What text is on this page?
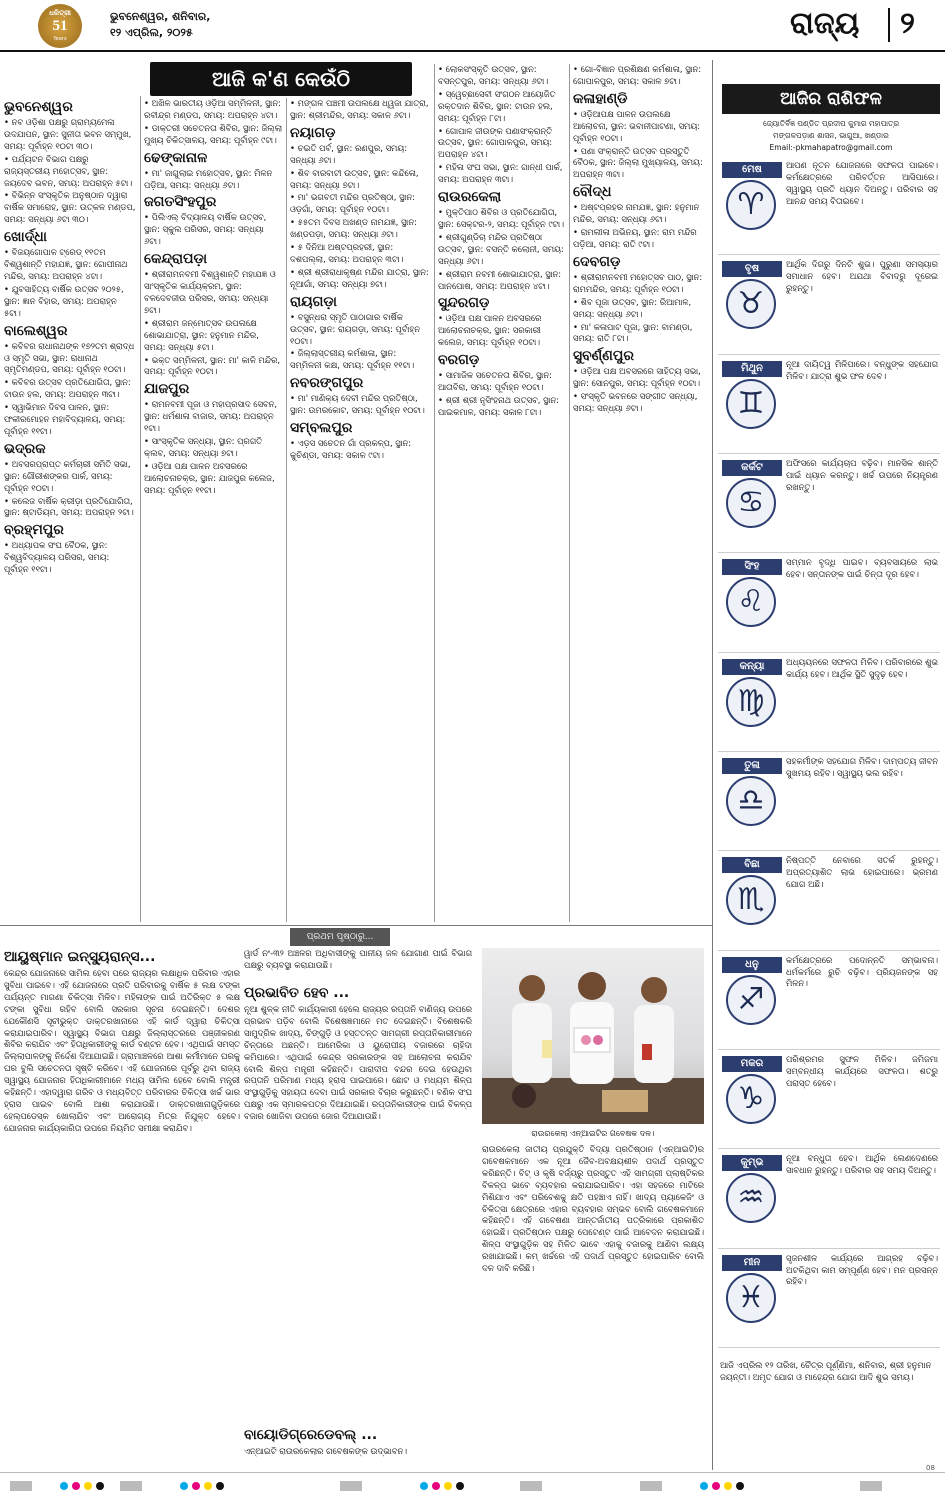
ଧରିତ୍ରୀ
51
Years
ଭୁବନେଶ୍ୱର, ଶନିବାର,
୧୨ ଏପ୍ରିଲ, ୨୦୨୫	ରାଜ୍ୟ ୨
ଆଜି କ'ଣ କେଉଁଠି
ଭୁବନେଶ୍ୱର

• ନବ ଓଡ଼ିଶା ପକ୍ଷରୁ ଗ୍ରାମ୍ୟମେଳା ଉଦଯାପନ, ସ୍ଥାନ: ସୁନୀତା ଭବନ ସମ୍ମୁଖ, ସମୟ: ପୂର୍ବାହ୍ନ ୧୦ଟା ୩୦।

• ପର୍ଯ୍ୟଟନ ବିଭାଗ ପକ୍ଷରୁ ରାଜ୍ୟସ୍ତରୀୟ ମହୋତ୍ସବ, ସ୍ଥାନ: ଜୟଦେବ ଭବନ, ସମୟ: ଅପରାହ୍ନ ୫ଟା।

• ବିଭିନ୍ନ ସଂସ୍କୃତିକ ଅନୁଷ୍ଠାନ ଦ୍ୱାରା ବାର୍ଷିକ ସମାରୋହ, ସ୍ଥାନ: ଉତ୍କଳ ମଣ୍ଡପ, ସମୟ: ସନ୍ଧ୍ୟା ୬ଟା ୩୦।

ଖୋର୍ଦ୍ଧା

• ବିଜୟଗୋପାଳ ଟ୍ରେଡ୍ ୧୧ତମ ବିଶ୍ୱଶାନ୍ତି ମହାଯଜ୍ଞ, ସ୍ଥାନ: ଗୋପୀନାଥ ମନ୍ଦିର, ସମୟ: ଅପରାହ୍ନ ୪ଟା।

• ଯୁବସାହିତ୍ୟ ବାର୍ଷିକ ଉତ୍ସବ ୨୦୨୫, ସ୍ଥାନ: ଜ୍ଞାନ ବିହାର, ସମୟ: ଅପରାହ୍ନ ୫ଟା।

ବାଲେଶ୍ୱର

• କବିବର ରାଧାନାଥଙ୍କ ୧୭୨ତମ ଶ୍ରାଦ୍ଧ ଓ ସ୍ମୃତି ସଭା, ସ୍ଥାନ: ରାଧାନାଥ ସ୍ମୃତିମଣ୍ଡପ, ସମୟ: ପୂର୍ବାହ୍ନ ୧୦ଟା।

• କବିବର ଉତ୍ସବ ପ୍ରତିଯୋଗିତା, ସ୍ଥାନ: ଟାଉନ ହଲ, ସମୟ: ଅପରାହ୍ନ ୩ଟା।

• ସ୍ୱାଭିମାନ ଦିବସ ପାଳନ, ସ୍ଥାନ: ଫକୀରମୋହନ ମହାବିଦ୍ୟାଳୟ, ସମୟ: ପୂର୍ବାହ୍ନ ୧୧ଟା।

ଭଦ୍ରକ

• ଅବସରପ୍ରାପ୍ତ କର୍ମଚାରୀ ସମିତି ସଭା, ସ୍ଥାନ: ଗୌରୀଶଙ୍କର ପାର୍କ, ସମୟ: ପୂର୍ବାହ୍ନ ୧୦ଟା।

• କଲେଜ ବାର୍ଷିକ କ୍ରୀଡ଼ା ପ୍ରତିଯୋଗିତା, ସ୍ଥାନ: ଷ୍ଟାଡିୟମ, ସମୟ: ଅପରାହ୍ନ ୨ଟା।

ବ୍ରହ୍ମପୁର

• ଅଧ୍ୟାପକ ସଂଘ ବୈଠକ, ସ୍ଥାନ: ବିଶ୍ୱବିଦ୍ୟାଳୟ ପରିସର, ସମୟ: ପୂର୍ବାହ୍ନ ୧୧ଟା।

• ଅଖିଳ ଭାରତୀୟ ଓଡ଼ିଆ ସମ୍ମିଳନୀ, ସ୍ଥାନ: ରବୀନ୍ଦ୍ର ମଣ୍ଡପ, ସମୟ: ଅପରାହ୍ନ ୪ଟା।

• ଡାକ୍ତରୀ ସଚେତନତା ଶିବିର, ସ୍ଥାନ: ଜିଲ୍ଲା ମୁଖ୍ୟ ଚିକିତ୍ସାଳୟ, ସମୟ: ପୂର୍ବାହ୍ନ ୯ଟା।

ଢେଙ୍କାନାଳ

• ମା' ଜାଗୁଲାଇ ମହୋତ୍ସବ, ସ୍ଥାନ: ମିଳନ ପଡ଼ିଆ, ସମୟ: ସନ୍ଧ୍ୟା ୬ଟା।

ଜଗତସିଂହପୁର

• ପିଲିଏଲ୍ ବିଦ୍ୟାଳୟ ବାର୍ଷିକ ଉତ୍ସବ, ସ୍ଥାନ: ସ୍କୁଲ ପରିସର, ସମୟ: ସନ୍ଧ୍ୟା ୬ଟା।

କେନ୍ଦ୍ରାପଡ଼ା

• ଶ୍ରୀରାମନବମୀ ବିଶ୍ୱଶାନ୍ତି ମହାଯଜ୍ଞ ଓ ସାଂସ୍କୃତିକ କାର୍ଯ୍ୟକ୍ରମ, ସ୍ଥାନ: ବଳଦେବଜୀଉ ପରିସର, ସମୟ: ସନ୍ଧ୍ୟା ୭ଟା।

• ଶ୍ରୀରାମ ଜନ୍ମୋତ୍ସବ ଉପଲକ୍ଷେ ଶୋଭାଯାତ୍ରା, ସ୍ଥାନ: ହନୁମାନ ମନ୍ଦିର, ସମୟ: ସନ୍ଧ୍ୟା ୫ଟା।

• ଭକ୍ତ ସମ୍ମିଳନୀ, ସ୍ଥାନ: ମା' କାଳି ମନ୍ଦିର, ସମୟ: ପୂର୍ବାହ୍ନ ୧୦ଟା।

ଯାଜପୁର

• ରାମନବମୀ ପୂଜା ଓ ମହାପ୍ରସାଦ ସେବନ, ସ୍ଥାନ: ଧର୍ମଶାଳା ବାଜାର, ସମୟ: ଅପରାହ୍ନ ୧ଟା।

• ସାଂସ୍କୃତିକ ସନ୍ଧ୍ୟା, ସ୍ଥାନ: ପ୍ରଗତି କ୍ଲବ, ସମୟ: ସନ୍ଧ୍ୟା ୭ଟା।

• ଓଡ଼ିଆ ପକ୍ଷ ପାଳନ ଅବସରରେ ଆଲୋଚନାଚକ୍ର, ସ୍ଥାନ: ଯାଜପୁର କଲେଜ, ସମୟ: ପୂର୍ବାହ୍ନ ୧୧ଟା।

• ମଙ୍ଗଳ ପଞ୍ଚମୀ ଉପଲକ୍ଷେ ଧ୍ୱଜା ଯାତ୍ରା, ସ୍ଥାନ: ଶ୍ରୀମନ୍ଦିର, ସମୟ: ସକାଳ ୬ଟା।

ନୟାଗଡ଼

• ଚଇତି ପର୍ବ, ସ୍ଥାନ: ରଣପୁର, ସମୟ: ସନ୍ଧ୍ୟା ୬ଟା।

• ଶିବ ବାରବାଟୀ ଉତ୍ସବ, ସ୍ଥାନ: କନ୍ଦିଳୋ, ସମୟ: ସନ୍ଧ୍ୟା ୭ଟା।

• ମା' ଭଗବତୀ ମନ୍ଦିର ପ୍ରତିଷ୍ଠା, ସ୍ଥାନ: ଓଡ଼ଗାଁ, ସମୟ: ପୂର୍ବାହ୍ନ ୧୦ଟା।

• ୫୫ତମ ଦିବସ ଅଖଣ୍ଡ ନାମଯଜ୍ଞ, ସ୍ଥାନ: ଖଣ୍ଡପଡ଼ା, ସମୟ: ସନ୍ଧ୍ୟା ୬ଟା।

• ୫ ଦିନିଆ ଅଷ୍ଟପ୍ରହରୀ, ସ୍ଥାନ: ଦଶପଲ୍ଲା, ସମୟ: ଅପରାହ୍ନ ୩ଟା।

• ଶ୍ରୀ ଶ୍ରୀରାଧାକୃଷ୍ଣ ମନ୍ଦିର ଯାତ୍ରା, ସ୍ଥାନ: ନୂଆଗାଁ, ସମୟ: ସନ୍ଧ୍ୟା ୭ଟା।

ରାୟଗଡ଼ା

• ବସୁନ୍ଧରା ସ୍ମୃତି ପାଠାଗାର ବାର୍ଷିକ ଉତ୍ସବ, ସ୍ଥାନ: ରାୟଗଡ଼ା, ସମୟ: ପୂର୍ବାହ୍ନ ୧୦ଟା।

• ଜିଲ୍ଲାସ୍ତରୀୟ କର୍ମଶାଳା, ସ୍ଥାନ: ସମ୍ମିଳନୀ କକ୍ଷ, ସମୟ: ପୂର୍ବାହ୍ନ ୧୧ଟା।

ନବରଙ୍ଗପୁର

• ମା' ମାଣିକ୍ୟ ଦେବୀ ମନ୍ଦିର ପ୍ରତିଷ୍ଠା, ସ୍ଥାନ: ଉମରକୋଟ, ସମୟ: ପୂର୍ବାହ୍ନ ୧୦ଟା।

ସମ୍ବଲପୁର

• ଏଡ଼ସ ସଚେତନ ଗାଁ ପ୍ରକଳ୍ପ, ସ୍ଥାନ: କୁଚିଣ୍ଡା, ସମୟ: ସକାଳ ୯ଟା।

• ଲୋକସଂସ୍କୃତି ଉତ୍ସବ, ସ୍ଥାନ: ବସନ୍ତପୁର, ସମୟ: ସନ୍ଧ୍ୟା ୬ଟା।

• ସ୍ୱେଚ୍ଛାସେବୀ ସଂଗଠନ ଆୟୋଜିତ ରକ୍ତଦାନ ଶିବିର, ସ୍ଥାନ: ଟାଉନ ହଲ, ସମୟ: ପୂର୍ବାହ୍ନ ୮ଟା।

• ଗୋପାଳ ଜୀଉଙ୍କ ପଣାସଂକ୍ରାନ୍ତି ଉତ୍ସବ, ସ୍ଥାନ: ଗୋପାଳପୁର, ସମୟ: ଅପରାହ୍ନ ୪ଟା।

• ମହିଳା ସଂଘ ସଭା, ସ୍ଥାନ: ଗାନ୍ଧୀ ପାର୍କ, ସମୟ: ଅପରାହ୍ନ ୩ଟା।

ରାଉରକେଲା

• ମୁକ୍ତିପାଠ ଶିବିର ଓ ପ୍ରତିଯୋଗିତା, ସ୍ଥାନ: ସେକ୍ଟର-୨, ସମୟ: ପୂର୍ବାହ୍ନ ୯ଟା।

• ଶ୍ରୀଗୁଣ୍ଡିଚା ମନ୍ଦିର ପ୍ରତିଷ୍ଠା ଉତ୍ସବ, ସ୍ଥାନ: ବସନ୍ତି କଲୋନୀ, ସମୟ: ସନ୍ଧ୍ୟା ୬ଟା।

• ଶ୍ରୀରାମ ନବମୀ ଶୋଭାଯାତ୍ରା, ସ୍ଥାନ: ପାନପୋଷ, ସମୟ: ଅପରାହ୍ନ ୪ଟା।

ସୁନ୍ଦରଗଡ଼

• ଓଡ଼ିଆ ପକ୍ଷ ପାଳନ ଅବସରରେ ଆଲୋଚନାଚକ୍ର, ସ୍ଥାନ: ସରକାରୀ କଲେଜ, ସମୟ: ପୂର୍ବାହ୍ନ ୧୦ଟା।

ବରଗଡ଼

• ସାମାଜିକ ସଚେତନତା ଶିବିର, ସ୍ଥାନ: ଆତାବିରା, ସମୟ: ପୂର୍ବାହ୍ନ ୧୦ଟା।

• ଶ୍ରୀ ଶ୍ରୀ ନୃସିଂହନାଥ ଉତ୍ସବ, ସ୍ଥାନ: ପାଇକମାଳ, ସମୟ: ସକାଳ ୮ଟା।

• ଗୋ-ବିଜ୍ଞାନ ପ୍ରଶିକ୍ଷଣ କର୍ମଶାଳା, ସ୍ଥାନ: ଗୋପାଳପୁର, ସମୟ: ସକାଳ ୭ଟା।

କଳାହାଣ୍ଡି

• ଓଡ଼ିଆପକ୍ଷ ପାଳନ ଉପଲକ୍ଷେ ଆଲୋଚନା, ସ୍ଥାନ: ଭବାନୀପାଟଣା, ସମୟ: ପୂର୍ବାହ୍ନ ୧୦ଟା।

• ପଣା ସଂକ୍ରାନ୍ତି ଉତ୍ସବ ପ୍ରସ୍ତୁତି ବୈଠକ, ସ୍ଥାନ: ଜିଲ୍ଲା ମୁଖ୍ୟାଳୟ, ସମୟ: ଅପରାହ୍ନ ୩ଟା।

ବୌଦ୍ଧ

• ଅଷ୍ଟପ୍ରହର ନାମଯଜ୍ଞ, ସ୍ଥାନ: ହନୁମାନ ମନ୍ଦିର, ସମୟ: ସନ୍ଧ୍ୟା ୬ଟା।

• ରାମଲୀଳା ଅଭିନୟ, ସ୍ଥାନ: ରାମ ମନ୍ଦିର ପଡ଼ିଆ, ସମୟ: ରାତି ୯ଟା।

ଦେବଗଡ଼

• ଶ୍ରୀରାମନବମୀ ମହୋତ୍ସବ ପାଠ, ସ୍ଥାନ: ରାମମନ୍ଦିର, ସମୟ: ପୂର୍ବାହ୍ନ ୧୦ଟା।

• ଶିବ ପୂଜା ଉତ୍ସବ, ସ୍ଥାନ: ରିଆମାଳ, ସମୟ: ସନ୍ଧ୍ୟା ୬ଟା।

• ମା' କଳାପାଟ ପୂଜା, ସ୍ଥାନ: ବାମଣ୍ଡା, ସମୟ: ରାତି ୮ଟା।

ସୁବର୍ଣ୍ଣପୁର

• ଓଡ଼ିଆ ପକ୍ଷ ଅବସରରେ ସାହିତ୍ୟ ସଭା, ସ୍ଥାନ: ସୋନପୁର, ସମୟ: ପୂର୍ବାହ୍ନ ୧୦ଟା।

• ସଂସ୍କୃତି ଭବନରେ ସଙ୍ଗୀତ ସନ୍ଧ୍ୟା, ସମୟ: ସନ୍ଧ୍ୟା ୬ଟା।

ଆଜିର ରାଶିଫଳ
ଜ୍ୟୋତିର୍ବିଜ୍ଞ ପଣ୍ଡିତ ପ୍ରଦୀପ କୁମାର ମହାପାତ୍ର
ମଙ୍ଗଳପଡ଼ାଣ ଶାସନ, ଭାଗୁଆ, ଖଣ୍ଡାର
Email:-pkmahapatro@gmail.com
ମେଷ
♈
ଆପଣ ନୂତନ ଯୋଜନାରେ ସଫଳତା ପାଇବେ। କର୍ମକ୍ଷେତ୍ରରେ ପରିବର୍ତ୍ତନ ଆସିପାରେ। ସ୍ୱାସ୍ଥ୍ୟ ପ୍ରତି ଧ୍ୟାନ ଦିଅନ୍ତୁ। ପରିବାର ସହ ଆନନ୍ଦ ସମୟ ବିତାଇବେ।
ବୃଷ
♉
ଆର୍ଥିକ ଦିଗରୁ ଦିନଟି ଶୁଭ। ପୁରୁଣା ସମସ୍ୟାର ସମାଧାନ ହେବ। ଅଯଥା ବିବାଦରୁ ଦୂରେଇ ରୁହନ୍ତୁ।
ମିଥୁନ
♊
ନୂଆ ଦାୟିତ୍ୱ ମିଳିପାରେ। ବନ୍ଧୁଙ୍କ ସହଯୋଗ ମିଳିବ। ଯାତ୍ରା ଶୁଭ ଫଳ ଦେବ।
କର୍କଟ
♋
ଅଫିସରେ କାର୍ଯ୍ୟଚାପ ବଢ଼ିବ। ମାନସିକ ଶାନ୍ତି ପାଇଁ ଧ୍ୟାନ କରନ୍ତୁ। ଖର୍ଚ୍ଚ ଉପରେ ନିୟନ୍ତ୍ରଣ ରଖନ୍ତୁ।
ସିଂହ
♌
ସମ୍ମାନ ବୃଦ୍ଧି ପାଇବ। ବ୍ୟବସାୟରେ ଲାଭ ହେବ। ସନ୍ତାନଙ୍କ ପାଇଁ ଚିନ୍ତା ଦୂର ହେବ।
କନ୍ୟା
♍
ଅଧ୍ୟୟନରେ ସଫଳତା ମିଳିବ। ପରିବାରରେ ଶୁଭ କାର୍ଯ୍ୟ ହେବ। ଆର୍ଥିକ ସ୍ଥିତି ସୁଦୃଢ଼ ହେବ।
ତୁଳା
♎
ସହକର୍ମୀଙ୍କ ସହଯୋଗ ମିଳିବ। ଦାମ୍ପତ୍ୟ ଜୀବନ ସୁଖମୟ ରହିବ। ସ୍ୱାସ୍ଥ୍ୟ ଭଲ ରହିବ।
ବିଛା
♏
ନିଷ୍ପତ୍ତି ନେବାରେ ସତର୍କ ରୁହନ୍ତୁ। ଅପ୍ରତ୍ୟାଶିତ ଲାଭ ହୋଇପାରେ। ଭ୍ରମଣ ଯୋଗ ଅଛି।
ଧନୁ
♐
କର୍ମକ୍ଷେତ୍ରରେ ପଦୋନ୍ନତି ସମ୍ଭାବନା। ଧର୍ମକର୍ମରେ ରୁଚି ବଢ଼ିବ। ପ୍ରିୟଜନଙ୍କ ସହ ମିଳନ।
ମକର
♑
ପରିଶ୍ରମର ସୁଫଳ ମିଳିବ। ଜମିଜମା ସମ୍ବନ୍ଧୀୟ କାର୍ଯ୍ୟରେ ସଫଳତା। ଶତ୍ରୁ ପରାସ୍ତ ହେବେ।
କୁମ୍ଭ
♒
ନୂଆ ବନ୍ଧୁତା ହେବ। ଆର୍ଥିକ ଲେଣଦେଣରେ ସାବଧାନ ରୁହନ୍ତୁ। ପରିବାର ସହ ସମୟ ଦିଅନ୍ତୁ।
ମୀନ
♓
ସୃଜନଶୀଳ କାର୍ଯ୍ୟରେ ଆଗ୍ରହ ବଢ଼ିବ। ଅଟକିଥିବା କାମ ସମ୍ପୂର୍ଣ୍ଣ ହେବ। ମନ ପ୍ରସନ୍ନ ରହିବ।
ଆଜି ଏପ୍ରିଲ ୧୨ ତାରିଖ, ଚୈତ୍ର ପୂର୍ଣ୍ଣିମା, ଶନିବାର, ଶ୍ରୀ ହନୁମାନ ଜୟନ୍ତୀ। ଅମୃତ ଯୋଗ ଓ ମାହେନ୍ଦ୍ର ଯୋଗ ଆଦି ଶୁଭ ସମୟ।
ପ୍ରଥମ ପୃଷ୍ଠାରୁ...
ଆୟୁଷ୍ମାନ ଇନ୍ସ୍ୟୁରାନ୍ସ...
କେନ୍ଦ୍ର ଯୋଜନାରେ ସାମିଲ ହେବା ପରେ ରାଜ୍ୟର ଲକ୍ଷାଧିକ ପରିବାର ଏହାର ସୁବିଧା ପାଇବେ। ଏହି ଯୋଜନାରେ ପ୍ରତି ପରିବାରକୁ ବାର୍ଷିକ ୫ ଲକ୍ଷ ଟଙ୍କା ପର୍ଯ୍ୟନ୍ତ ମାଗଣା ଚିକିତ୍ସା ମିଳିବ। ମହିଳାଙ୍କ ପାଇଁ ଅତିରିକ୍ତ ୫ ଲକ୍ଷ ଟଙ୍କା ସୁବିଧା ରହିବ ବୋଲି ସରକାର ସୂଚନା ଦେଇଛନ୍ତି। ଦେଶର ଯେକୌଣସି ସୂଚୀଭୁକ୍ତ ଡାକ୍ତରଖାନାରେ ଏହି କାର୍ଡ ଦ୍ୱାରା ଚିକିତ୍ସା କରାଯାଇପାରିବ। ସ୍ୱାସ୍ଥ୍ୟ ବିଭାଗ ପକ୍ଷରୁ ଜିଲ୍ଲାସ୍ତରରେ ପଞ୍ଜୀକରଣ ଶିବିର କରାଯିବ ଏବଂ ହିତାଧିକାରୀଙ୍କୁ କାର୍ଡ ବଣ୍ଟନ ହେବ। ଏଥିପାଇଁ ସମସ୍ତ ଜିଲ୍ଲାପାଳଙ୍କୁ ନିର୍ଦ୍ଦେଶ ଦିଆଯାଇଛି। ଗ୍ରାମାଞ୍ଚଳରେ ଆଶା କର୍ମୀମାନେ ଘରକୁ ଘର ବୁଲି ସଚେତନତା ସୃଷ୍ଟି କରିବେ। ଏହି ଯୋଜନାରେ ପୂର୍ବରୁ ଥିବା ରାଜ୍ୟ ସ୍ୱାସ୍ଥ୍ୟ ଯୋଜନାର ହିତାଧିକାରୀମାନେ ମଧ୍ୟ ସାମିଲ ହେବେ ବୋଲି ମନ୍ତ୍ରୀ କହିଛନ୍ତି। ଏହାଦ୍ୱାରା ଗରିବ ଓ ମଧ୍ୟବିତ୍ତ ପରିବାରର ଚିକିତ୍ସା ଖର୍ଚ୍ଚ ଭାର ହ୍ରାସ ପାଇବ ବୋଲି ଆଶା କରାଯାଉଛି। ଡାକ୍ତରଖାନାଗୁଡ଼ିକରେ ହେଲ୍ପଡେସ୍କ ଖୋଲାଯିବ ଏବଂ ଆରୋଗ୍ୟ ମିତ୍ର ନିଯୁକ୍ତ ହେବେ। ଯୋଜନାର କାର୍ଯ୍ୟକାରିତା ଉପରେ ନିୟମିତ ସମୀକ୍ଷା କରାଯିବ।
ୱାର୍ଡ ନଂ-୩୨ ଅଞ୍ଚଳର ଅଧିବାସୀଙ୍କୁ ପାନୀୟ ଜଳ ଯୋଗାଣ ପାଇଁ ବିଭାଗ ପକ୍ଷରୁ ବ୍ୟବସ୍ଥା କରାଯାଉଛି।
ପ୍ରଭାବିତ ହେବ ...
ନୂଆ ଶୁଳ୍କ ନୀତି କାର୍ଯ୍ୟକାରୀ ହେଲେ ରାଜ୍ୟର ରପ୍ତାନି ବାଣିଜ୍ୟ ଉପରେ ପ୍ରଭାବ ପଡ଼ିବ ବୋଲି ବିଶେଷଜ୍ଞମାନେ ମତ ଦେଇଛନ୍ତି। ବିଶେଷକରି ସାମୁଦ୍ରିକ ଖାଦ୍ୟ, ଚିଙ୍ଗୁଡ଼ି ଓ ହସ୍ତତନ୍ତ ସାମଗ୍ରୀ ରପ୍ତାନିକାରୀମାନେ ଚିନ୍ତାରେ ଅଛନ୍ତି। ଆମେରିକା ଓ ୟୁରୋପୀୟ ବଜାରରେ ଚାହିଦା କମିପାରେ। ଏଥିପାଇଁ କେନ୍ଦ୍ର ସରକାରଙ୍କ ସହ ଆଲୋଚନା କରାଯିବ ବୋଲି ଶିଳ୍ପ ମନ୍ତ୍ରୀ କହିଛନ୍ତି। ପାରାଦୀପ ବନ୍ଦର ଦେଇ ହେଉଥିବା ରପ୍ତାନି ପରିମାଣ ମଧ୍ୟ ହ୍ରାସ ପାଇପାରେ। ଛୋଟ ଓ ମଧ୍ୟମ ଶିଳ୍ପ ସଂସ୍ଥାଗୁଡ଼ିକୁ ସହାୟତା ଦେବା ପାଇଁ ସରକାର ବିଚାର କରୁଛନ୍ତି। ବଣିକ ସଂଘ ପକ୍ଷରୁ ଏକ ସ୍ମାରକପତ୍ର ଦିଆଯାଇଛି। ରପ୍ତାନିକାରୀଙ୍କ ପାଇଁ ବିକଳ୍ପ ବଜାର ଖୋଜିବା ଉପରେ ଜୋର ଦିଆଯାଉଛି।
ବାୟୋଡିଗ୍ରେଡେବଲ୍ ...
ଏନ୍‌ଆଇଟି ରାଉରକେଲାର ଗବେଷକଙ୍କ ଉଦ୍ଭାବନ।
ରାଉରକେଲା ଏନ୍‌ଆଇଟିର ଗବେଷକ ଦଳ।
ରାଉରକେଲା ଜାତୀୟ ପ୍ରଯୁକ୍ତି ବିଦ୍ୟା ପ୍ରତିଷ୍ଠାନ (ଏନ୍‌ଆଇଟି)ର ଗବେଷକମାନେ ଏକ ନୂଆ ଜୈବ-ଅବକ୍ଷୟଶୀଳ ପଦାର୍ଥ ପ୍ରସ୍ତୁତ କରିଛନ୍ତି। ବିଟ୍ ଓ କୃଷି ବର୍ଜ୍ୟରୁ ପ୍ରସ୍ତୁତ ଏହି ସାମଗ୍ରୀ ପ୍ଲାଷ୍ଟିକର ବିକଳ୍ପ ଭାବେ ବ୍ୟବହାର କରାଯାଇପାରିବ। ଏହା ସହଜରେ ମାଟିରେ ମିଶିଯାଏ ଏବଂ ପରିବେଶକୁ କ୍ଷତି ପହଞ୍ଚାଏ ନାହିଁ। ଖାଦ୍ୟ ପ୍ୟାକେଜିଂ ଓ ଚିକିତ୍ସା କ୍ଷେତ୍ରରେ ଏହାର ବ୍ୟବହାର ସମ୍ଭବ ବୋଲି ଗବେଷକମାନେ କହିଛନ୍ତି। ଏହି ଗବେଷଣା ଆନ୍ତର୍ଜାତୀୟ ପତ୍ରିକାରେ ପ୍ରକାଶିତ ହୋଇଛି। ପ୍ରତିଷ୍ଠାନ ପକ୍ଷରୁ ପେଟେଣ୍ଟ ପାଇଁ ଆବେଦନ କରାଯାଇଛି। ଶିଳ୍ପ ସଂସ୍ଥାଗୁଡ଼ିକ ସହ ମିଳିତ ଭାବେ ଏହାକୁ ବଜାରକୁ ଆଣିବା ଲକ୍ଷ୍ୟ ରଖାଯାଇଛି। କମ୍ ଖର୍ଚ୍ଚରେ ଏହି ପଦାର୍ଥ ପ୍ରସ୍ତୁତ ହୋଇପାରିବ ବୋଲି ଦଳ ଦାବି କରିଛି।
08
